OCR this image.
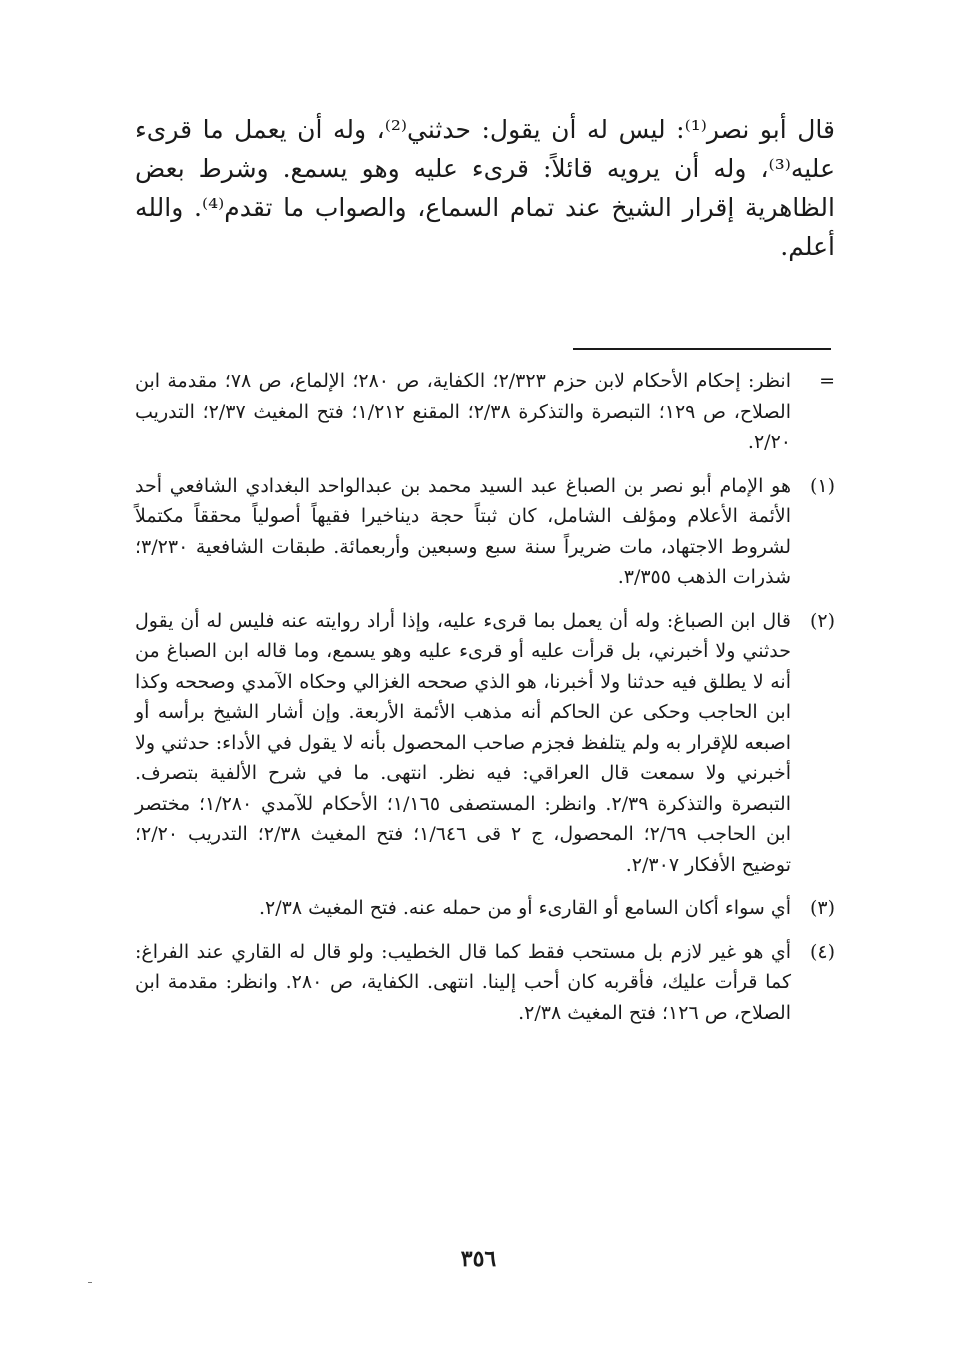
قال أبو نصر⁽¹⁾: ليس له أن يقول: حدثني⁽²⁾، وله أن يعمل ما قرىء عليه⁽³⁾، وله أن يرويه قائلاً: قرىء عليه وهو يسمع. وشرط بعض الظاهرية إقرار الشيخ عند تمام السماع، والصواب ما تقدم⁽⁴⁾. والله أعلم.

=
انظر: إحكام الأحكام لابن حزم ٢/٣٢٣؛ الكفاية، ص ٢٨٠؛ الإلماع، ص ٧٨؛ مقدمة ابن الصلاح، ص ١٢٩؛ التبصرة والتذكرة ٢/٣٨؛ المقنع ١/٢١٢؛ فتح المغيث ٢/٣٧؛ التدريب ٢/٢٠.
(١)
هو الإمام أبو نصر بن الصباغ عبد السيد محمد بن عبدالواحد البغدادي الشافعي أحد الأئمة الأعلام ومؤلف الشامل، كان ثبتاً حجة ديناخيرا فقيهاً أصولياً محققاً مكتملاً لشروط الاجتهاد، مات ضريراً سنة سبع وسبعين وأربعمائة. طبقات الشافعية ٣/٢٣٠؛ شذرات الذهب ٣/٣٥٥.
(٢)
قال ابن الصباغ: وله أن يعمل بما قرىء عليه، وإذا أراد روايته عنه فليس له أن يقول حدثني ولا أخبرني، بل قرأت عليه أو قرىء عليه وهو يسمع، وما قاله ابن الصباغ من أنه لا يطلق فيه حدثنا ولا أخبرنا، هو الذي صححه الغزالي وحكاه الآمدي وصححه وكذا ابن الحاجب وحكى عن الحاكم أنه مذهب الأئمة الأربعة. وإن أشار الشيخ برأسه أو اصبعه للإقرار به ولم يتلفظ فجزم صاحب المحصول بأنه لا يقول في الأداء: حدثني ولا أخبرني ولا سمعت قال العراقي: فيه نظر. انتهى. ما في شرح الألفية بتصرف. التبصرة والتذكرة ٢/٣٩. وانظر: المستصفى ١/١٦٥؛ الأحكام للآمدي ١/٢٨٠؛ مختصر ابن الحاجب ٢/٦٩؛ المحصول، ج ٢ قى ١/٦٤٦؛ فتح المغيث ٢/٣٨؛ التدريب ٢/٢٠؛ توضيح الأفكار ٢/٣٠٧.
(٣)
أي سواء أكان السامع أو القارىء أو من حمله عنه. فتح المغيث ٢/٣٨.
(٤)
أي هو غير لازم بل مستحب فقط كما قال الخطيب: ولو قال له القاري عند الفراغ: كما قرأت عليك، فأقربه كان أحب إلينا. انتهى. الكفاية، ص ٢٨٠. وانظر: مقدمة ابن الصلاح، ص ١٢٦؛ فتح المغيث ٢/٣٨.
٣٥٦
